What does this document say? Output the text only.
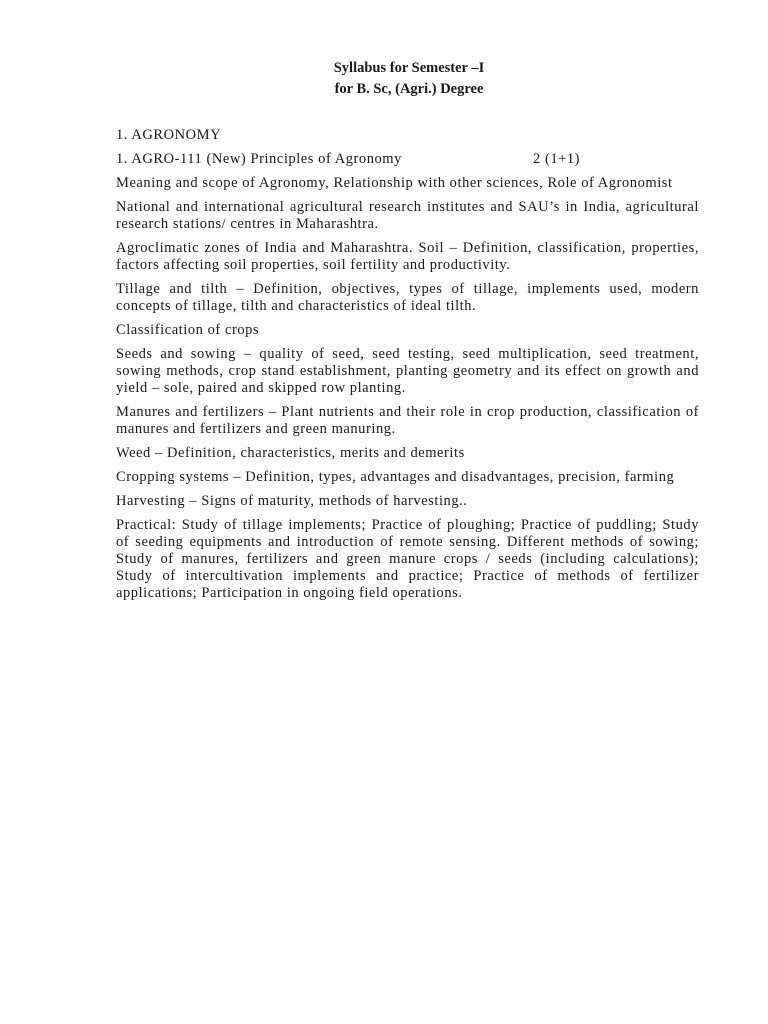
Syllabus for Semester –I
for B. Sc, (Agri.) Degree
1. AGRONOMY
1. AGRO-111 (New) Principles of Agronomy	2 (1+1)
Meaning and scope of Agronomy, Relationship with other sciences, Role of Agronomist
National and international agricultural research institutes and SAU’s in India, agricultural research stations/ centres in Maharashtra.
Agroclimatic zones of India and Maharashtra. Soil – Definition, classification, properties, factors affecting soil properties, soil fertility and productivity.
Tillage and tilth – Definition, objectives, types of tillage, implements used, modern concepts of tillage, tilth and characteristics of ideal tilth.
Classification of crops
Seeds and sowing – quality of seed, seed testing, seed multiplication, seed treatment, sowing methods, crop stand establishment, planting geometry and its effect on growth and yield – sole, paired and skipped row planting.
Manures and fertilizers – Plant nutrients and their role in crop production, classification of manures and fertilizers and green manuring.
Weed – Definition, characteristics, merits and demerits
Cropping systems – Definition, types, advantages and disadvantages, precision, farming
Harvesting – Signs of maturity, methods of harvesting..
Practical: Study of tillage implements; Practice of ploughing; Practice of puddling; Study of seeding equipments and introduction of remote sensing. Different methods of sowing; Study of manures, fertilizers and green manure crops / seeds (including calculations); Study of intercultivation implements and practice; Practice of methods of fertilizer applications; Participation in ongoing field operations.
